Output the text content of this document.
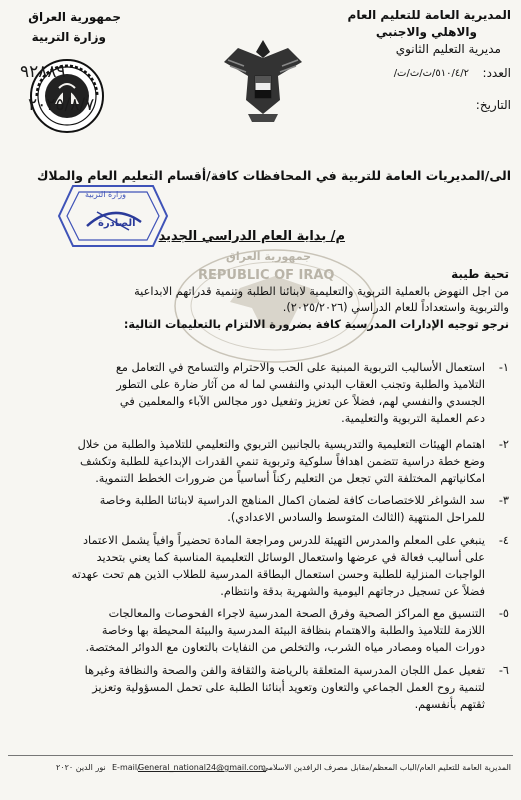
جمهورية العراق
وزارة التربية
المديرية العامة للتعليم العام
والاهلي والاجنبي
مديرية التعليم الثانوي
العدد:
٥١٠/٤/٢/ت/ث/ت/
٩٢٨٨٩
التاريخ:
٢٠٢٥/٨/٧
الى/المديريات العامة للتربية في المحافظات كافة/أقسام التعليم العام والملاك
وزارة التربية
الصادرة
م/ بداية العام الدراسي الجديد
جمهورية العراق
REPUBLIC OF IRAQ	تحية طيبة
من اجل النهوض بالعملية التربوية والتعليمية لابنائنا الطلبة وتنمية قدراتهم الابداعية
والتربوية واستعداداً للعام الدراسي (٢٠٢٥/٢٠٢٦).
نرجو توجيه الإدارات المدرسية كافة بضرورة الالتزام بالتعليمات التالية:
١-
استعمال الأساليب التربوية المبنية على الحب والاحترام والتسامح في التعامل مع
التلاميذ والطلبة وتجنب العقاب البدني والنفسي لما له من آثار ضارة على التطور
الجسدي والنفسي لهم، فضلاً عن تعزيز وتفعيل دور مجالس الآباء والمعلمين في
دعم العملية التربوية والتعليمية.
٢-
اهتمام الهيئات التعليمية والتدريسية بالجانبين التربوي والتعليمي للتلاميذ والطلبة من خلال
وضع خطة دراسية تتضمن اهدافاً سلوكية وتربوية تنمي القدرات الإبداعية للطلبة وتكشف
امكانياتهم المختلفة التي تجعل من التعليم ركناً أساسياً من ضرورات الخطط التنموية.
٣-
سد الشواغر للاختصاصات كافة لضمان اكمال المناهج الدراسية لابنائنا الطلبة وخاصة
للمراحل المنتهية (الثالث المتوسط والسادس الاعدادي).
٤-
ينبغي على المعلم والمدرس التهيئة للدرس ومراجعة المادة تحضيراً وافياً يشمل الاعتماد
على أساليب فعالة في عرضها واستعمال الوسائل التعليمية المناسبة كما يعني بتحديد
الواجبات المنزلية للطلبة وحسن استعمال البطاقة المدرسية للطلاب الذين هم تحت عهدته
فضلاً عن تسجيل درجاتهم اليومية والشهرية بدقة وانتظام.
٥-
التنسيق مع المراكز الصحية وفرق الصحة المدرسية لاجراء الفحوصات والمعالجات
اللازمة للتلاميذ والطلبة والاهتمام بنظافة البيئة المدرسية والبيئة المحيطة بها وخاصة
دورات المياه ومصادر مياه الشرب، والتخلص من النفايات بالتعاون مع الدوائر المختصة.
٦-
تفعيل عمل اللجان المدرسية المتعلقة بالرياضة والثقافة والفن والصحة والنظافة وغيرها
لتنمية روح العمل الجماعي والتعاون وتعويد أبنائنا الطلبة على تحمل المسؤولية وتعزيز
ثقتهم بأنفسهم.
المديرية العامة للتعليم العام/الباب المعظم/مقابل مصرف الرافدين الاسلامي
E-mail/
General_national24@gmail.com
نور الدين ٢٠٢٠
